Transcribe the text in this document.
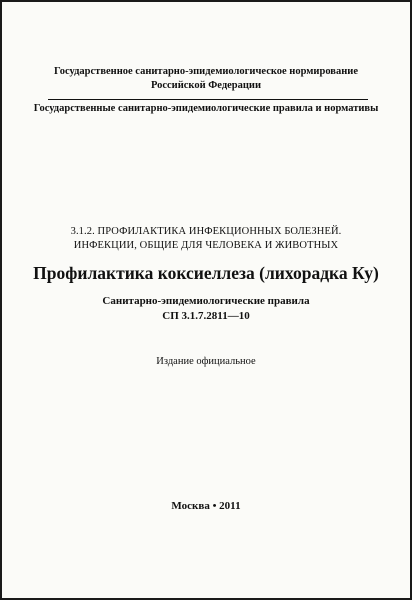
Государственное санитарно-эпидемиологическое нормирование
Российской Федерации
Государственные санитарно-эпидемиологические правила и нормативы
3.1.2. ПРОФИЛАКТИКА ИНФЕКЦИОННЫХ БОЛЕЗНЕЙ.
ИНФЕКЦИИ, ОБЩИЕ ДЛЯ ЧЕЛОВЕКА И ЖИВОТНЫХ
Профилактика коксиеллеза (лихорадка Ку)
Санитарно-эпидемиологические правила
СП 3.1.7.2811—10
Издание официальное
Москва • 2011
